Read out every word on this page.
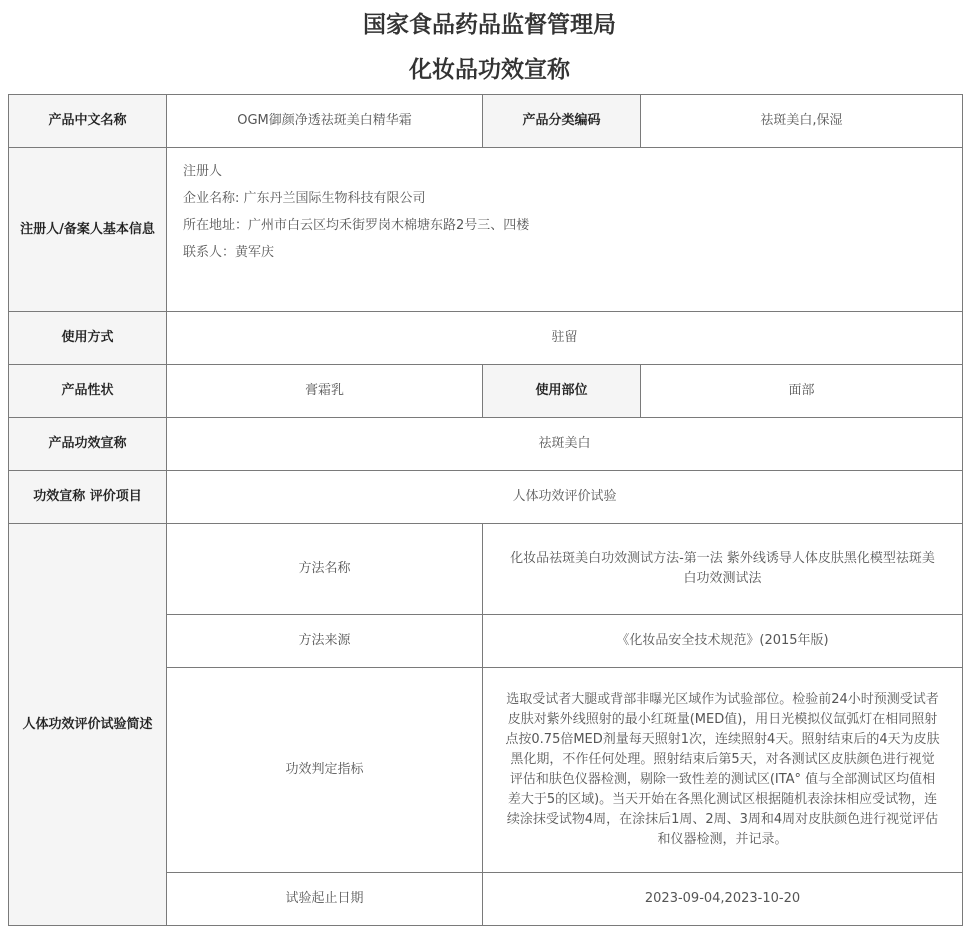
国家食品药品监督管理局
化妆品功效宣称
产品中文名称	OGM御颜净透祛斑美白精华霜	产品分类编码	祛斑美白,保湿
注册人/备案人基本信息	注册人
企业名称: 广东丹兰国际生物科技有限公司
所在地址：广州市白云区均禾街罗岗木棉塘东路2号三、四楼
联系人：黄军庆		

使用方式	驻留		
产品性状	膏霜乳	使用部位	面部
产品功效宣称	祛斑美白		
功效宣称 评价项目	人体功效评价试验		
人体功效评价试验简述	方法名称	化妆品祛斑美白功效测试方法-第一法 紫外线诱导人体皮肤黑化模型祛斑美白功效测试法	
	方法来源	《化妆品安全技术规范》(2015年版)	
	功效判定指标	选取受试者大腿或背部非曝光区域作为试验部位。检验前24小时预测受试者皮肤对紫外线照射的最小红斑量(MED值)，用日光模拟仪氙弧灯在相同照射点按0.75倍MED剂量每天照射1次，连续照射4天。照射结束后的4天为皮肤黑化期，不作任何处理。照射结束后第5天，对各测试区皮肤颜色进行视觉评估和肤色仪器检测，剔除一致性差的测试区(ITA° 值与全部测试区均值相差大于5的区域)。当天开始在各黑化测试区根据随机表涂抹相应受试物，连续涂抹受试物4周，在涂抹后1周、2周、3周和4周对皮肤颜色进行视觉评估和仪器检测，并记录。	
	试验起止日期	2023-09-04,2023-10-20	
